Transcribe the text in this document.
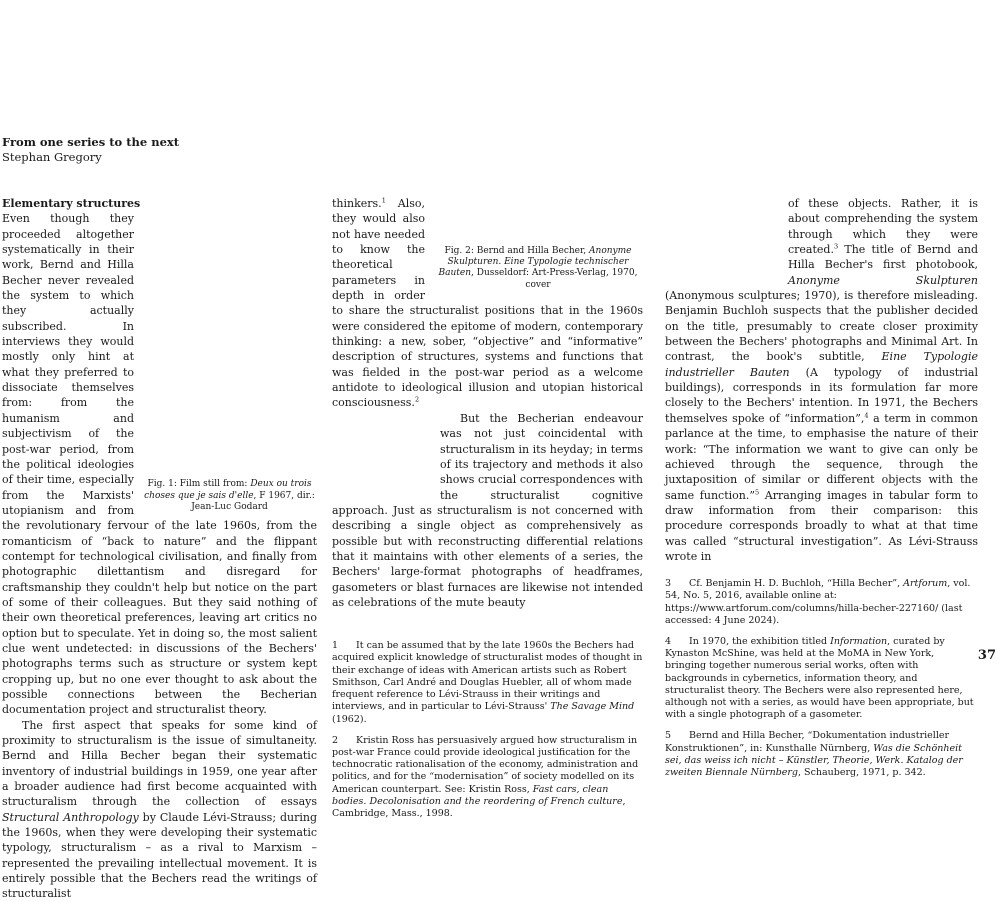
From one series to the next
Stephan Gregory

Elementary structures

Fig. 1: Film still from: Deux ou trois choses que je sais d'elle, F 1967, dir.: Jean-Luc Godard
Even though they proceeded altogether systematically in their work, Bernd and Hilla Becher never revealed the system to which they actually subscribed. In interviews they would mostly only hint at what they preferred to dissociate themselves from: from the humanism and subjectivism of the post-war period, from the political ideologies of their time, especially from the Marxists' utopianism and from the revolutionary fervour of the late 1960s, from the romanticism of “back to nature” and the flippant contempt for technological civilisation, and finally from photographic dilettantism and disregard for craftsmanship they couldn't help but notice on the part of some of their colleagues. But they said nothing of their own theoretical preferences, leaving art critics no option but to speculate. Yet in doing so, the most salient clue went undetected: in discussions of the Bechers' photographs terms such as structure or system kept cropping up, but no one ever thought to ask about the possible connections between the Becherian documentation project and structuralist theory.

The first aspect that speaks for some kind of proximity to structuralism is the issue of simultaneity. Bernd and Hilla Becher began their systematic inventory of industrial buildings in 1959, one year after a broader audience had first become acquainted with structuralism through the collection of essays Structural Anthropology by Claude Lévi-Strauss; during the 1960s, when they were developing their systematic typology, structuralism – as a rival to Marxism – represented the prevailing intellectual movement. It is entirely possible that the Bechers read the writings of structuralist

Fig. 2: Bernd and Hilla Becher, Anonyme Skulpturen. Eine Typologie technischer Bauten, Dusseldorf: Art-Press-Verlag, 1970, cover
thinkers.$^1$ Also, they would also not have needed to know the theoretical parameters in depth in order to share the structuralist positions that in the 1960s were considered the epitome of modern, contemporary thinking: a new, sober, “objective” and “informative” description of structures, systems and functions that was fielded in the post-war period as a welcome antidote to ideological illusion and utopian historical consciousness.$^2$

But the Becherian endeavour was not just coincidental with structuralism in its heyday; in terms of its trajectory and methods it also shows crucial correspondences with the structuralist cognitive approach. Just as structuralism is not concerned with describing a single object as comprehensively as possible but with reconstructing differential relations that it maintains with other elements of a series, the Bechers' large-format photographs of headframes, gasometers or blast furnaces are likewise not intended as celebrations of the mute beauty

1 It can be assumed that by the late 1960s the Bechers had acquired explicit knowledge of structuralist modes of thought in their exchange of ideas with American artists such as Robert Smithson, Carl André and Douglas Huebler, all of whom made frequent reference to Lévi-Strauss in their writings and interviews, and in particular to Lévi-Strauss' The Savage Mind (1962).

2 Kristin Ross has persuasively argued how structuralism in post-war France could provide ideological justification for the technocratic rationalisation of the economy, administration and politics, and for the “modernisation” of society modelled on its American counterpart. See: Kristin Ross, Fast cars, clean bodies. Decolonisation and the reordering of French culture, Cambridge, Mass., 1998.

of these objects. Rather, it is about comprehending the system through which they were created.$^3$ The title of Bernd and Hilla Becher's first photobook, Anonyme Skulpturen (Anonymous sculptures; 1970), is therefore misleading. Benjamin Buchloh suspects that the publisher decided on the title, presumably to create closer proximity between the Bechers' photographs and Minimal Art. In contrast, the book's subtitle, Eine Typologie industrieller Bauten (A typology of industrial buildings), corresponds in its formulation far more closely to the Bechers' intention. In 1971, the Bechers themselves spoke of “information”,$^4$ a term in common parlance at the time, to emphasise the nature of their work: “The information we want to give can only be achieved through the sequence, through the juxtaposition of similar or different objects with the same function.”$^5$ Arranging images in tabular form to draw information from their comparison: this procedure corresponds broadly to what at that time was called “structural investigation”. As Lévi-Strauss wrote in

3 Cf. Benjamin H. D. Buchloh, “Hilla Becher”, Artforum, vol. 54, No. 5, 2016, available online at: https://www.artforum.com/columns/hilla-becher-227160/ (last accessed: 4 June 2024).

4 In 1970, the exhibition titled Information, curated by Kynaston McShine, was held at the MoMA in New York, bringing together numerous serial works, often with backgrounds in cybernetics, information theory, and structuralist theory. The Bechers were also represented here, although not with a series, as would have been appropriate, but with a single photograph of a gasometer.

5 Bernd and Hilla Becher, “Dokumentation industrieller Konstruktionen”, in: Kunsthalle Nürnberg, Was die Schönheit sei, das weiss ich nicht – Künstler, Theorie, Werk. Katalog der zweiten Biennale Nürnberg, Schauberg, 1971, p. 342.

37
